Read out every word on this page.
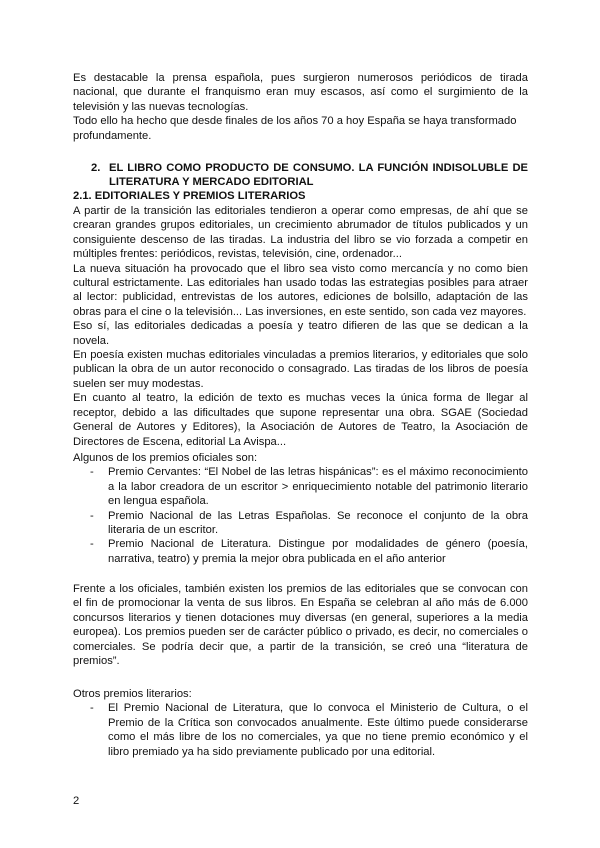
Es destacable la prensa española, pues surgieron numerosos periódicos de tirada nacional, que durante el franquismo eran muy escasos, así como el surgimiento de la televisión y las nuevas tecnologías.

Todo ello ha hecho que desde finales de los años 70 a hoy España se haya transformado profundamente.

2. EL LIBRO COMO PRODUCTO DE CONSUMO. LA FUNCIÓN INDISOLUBLE DE LITERATURA Y MERCADO EDITORIAL
2.1. EDITORIALES Y PREMIOS LITERARIOS

A partir de la transición las editoriales tendieron a operar como empresas, de ahí que se crearan grandes grupos editoriales, un crecimiento abrumador de títulos publicados y un consiguiente descenso de las tiradas. La industria del libro se vio forzada a competir en múltiples frentes: periódicos, revistas, televisión, cine, ordenador...

La nueva situación ha provocado que el libro sea visto como mercancía y no como bien cultural estrictamente. Las editoriales han usado todas las estrategias posibles para atraer al lector: publicidad, entrevistas de los autores, ediciones de bolsillo, adaptación de las obras para el cine o la televisión... Las inversiones, en este sentido, son cada vez mayores.

Eso sí, las editoriales dedicadas a poesía y teatro difieren de las que se dedican a la novela.

En poesía existen muchas editoriales vinculadas a premios literarios, y editoriales que solo publican la obra de un autor reconocido o consagrado. Las tiradas de los libros de poesía suelen ser muy modestas.

En cuanto al teatro, la edición de texto es muchas veces la única forma de llegar al receptor, debido a las dificultades que supone representar una obra. SGAE (Sociedad General de Autores y Editores), la Asociación de Autores de Teatro, la Asociación de Directores de Escena, editorial La Avispa...

Algunos de los premios oficiales son:

- Premio Cervantes: “El Nobel de las letras hispánicas”: es el máximo reconocimiento a la labor creadora de un escritor > enriquecimiento notable del patrimonio literario en lengua española.
- Premio Nacional de las Letras Españolas. Se reconoce el conjunto de la obra literaria de un escritor.
- Premio Nacional de Literatura. Distingue por modalidades de género (poesía, narrativa, teatro) y premia la mejor obra publicada en el año anterior

Frente a los oficiales, también existen los premios de las editoriales que se convocan con el fin de promocionar la venta de sus libros. En España se celebran al año más de 6.000 concursos literarios y tienen dotaciones muy diversas (en general, superiores a la media europea). Los premios pueden ser de carácter público o privado, es decir, no comerciales o comerciales. Se podría decir que, a partir de la transición, se creó una “literatura de premios”.

Otros premios literarios:

- El Premio Nacional de Literatura, que lo convoca el Ministerio de Cultura, o el Premio de la Crítica son convocados anualmente. Este último puede considerarse como el más libre de los no comerciales, ya que no tiene premio económico y el libro premiado ya ha sido previamente publicado por una editorial.
2
